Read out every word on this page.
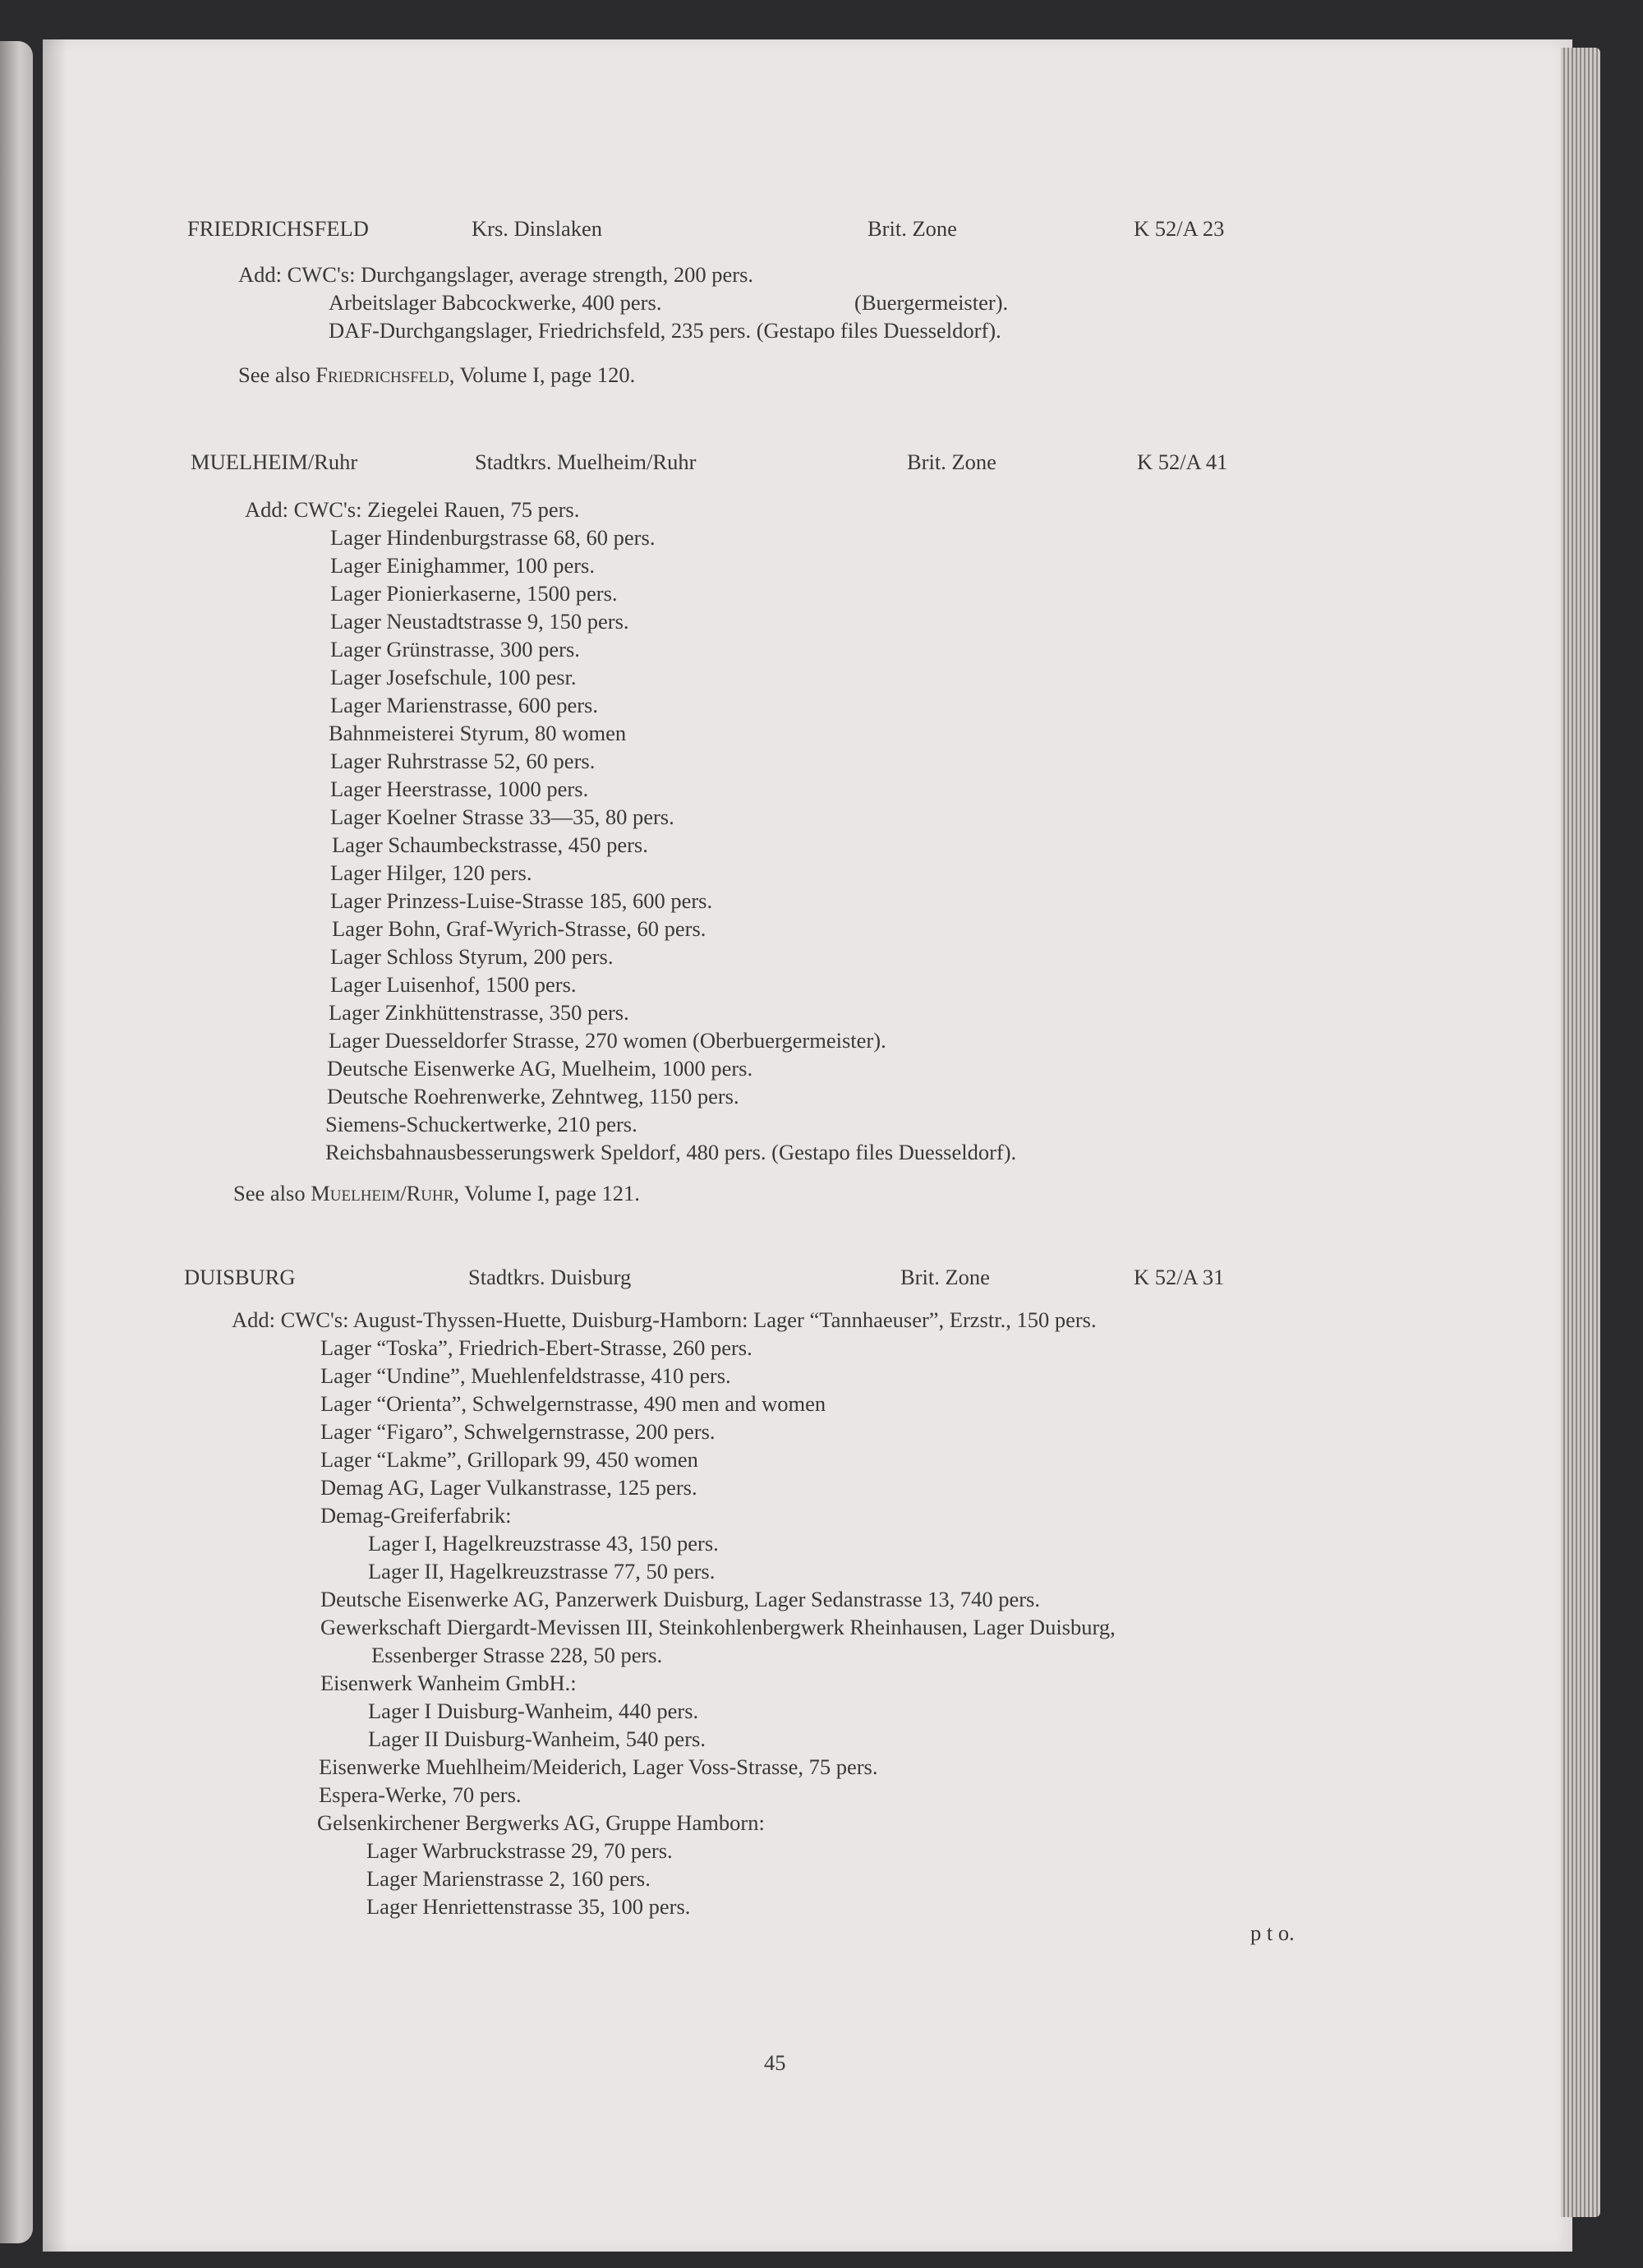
FRIEDRICHSFELD	Krs. Dinslaken	Brit. Zone	K 52/A 23
Add: CWC's: Durchgangslager, average strength, 200 pers.
Arbeitslager Babcockwerke, 400 pers.	(Buergermeister).
DAF-Durchgangslager, Friedrichsfeld, 235 pers. (Gestapo files Duesseldorf).
See also Friedrichsfeld, Volume I, page 120.
MUELHEIM/Ruhr	Stadtkrs. Muelheim/Ruhr	Brit. Zone	K 52/A 41
Add: CWC's: Ziegelei Rauen, 75 pers.
Lager Hindenburgstrasse 68, 60 pers.
Lager Einighammer, 100 pers.
Lager Pionierkaserne, 1500 pers.
Lager Neustadtstrasse 9, 150 pers.
Lager Grünstrasse, 300 pers.
Lager Josefschule, 100 pesr.
Lager Marienstrasse, 600 pers.
Bahnmeisterei Styrum, 80 women
Lager Ruhrstrasse 52, 60 pers.
Lager Heerstrasse, 1000 pers.
Lager Koelner Strasse 33—35, 80 pers.
Lager Schaumbeckstrasse, 450 pers.
Lager Hilger, 120 pers.
Lager Prinzess-Luise-Strasse 185, 600 pers.
Lager Bohn, Graf-Wyrich-Strasse, 60 pers.
Lager Schloss Styrum, 200 pers.
Lager Luisenhof, 1500 pers.
Lager Zinkhüttenstrasse, 350 pers.
Lager Duesseldorfer Strasse, 270 women (Oberbuergermeister).
Deutsche Eisenwerke AG, Muelheim, 1000 pers.
Deutsche Roehrenwerke, Zehntweg, 1150 pers.
Siemens-Schuckertwerke, 210 pers.
Reichsbahnausbesserungswerk Speldorf, 480 pers. (Gestapo files Duesseldorf).
See also Muelheim/Ruhr, Volume I, page 121.
DUISBURG	Stadtkrs. Duisburg	Brit. Zone	K 52/A 31
Add: CWC's: August-Thyssen-Huette, Duisburg-Hamborn: Lager “Tannhaeuser”, Erzstr., 150 pers.
Lager “Toska”, Friedrich-Ebert-Strasse, 260 pers.
Lager “Undine”, Muehlenfeldstrasse, 410 pers.
Lager “Orienta”, Schwelgernstrasse, 490 men and women
Lager “Figaro”, Schwelgernstrasse, 200 pers.
Lager “Lakme”, Grillopark 99, 450 women
Demag AG, Lager Vulkanstrasse, 125 pers.
Demag-Greiferfabrik:
Lager I, Hagelkreuzstrasse 43, 150 pers.
Lager II, Hagelkreuzstrasse 77, 50 pers.
Deutsche Eisenwerke AG, Panzerwerk Duisburg, Lager Sedanstrasse 13, 740 pers.
Gewerkschaft Diergardt-Mevissen III, Steinkohlenbergwerk Rheinhausen, Lager Duisburg,
Essenberger Strasse 228, 50 pers.
Eisenwerk Wanheim GmbH.:
Lager I Duisburg-Wanheim, 440 pers.
Lager II Duisburg-Wanheim, 540 pers.
Eisenwerke Muehlheim/Meiderich, Lager Voss-Strasse, 75 pers.
Espera-Werke, 70 pers.
Gelsenkirchener Bergwerks AG, Gruppe Hamborn:
Lager Warbruckstrasse 29, 70 pers.
Lager Marienstrasse 2, 160 pers.
Lager Henriettenstrasse 35, 100 pers.
p t o.
45
